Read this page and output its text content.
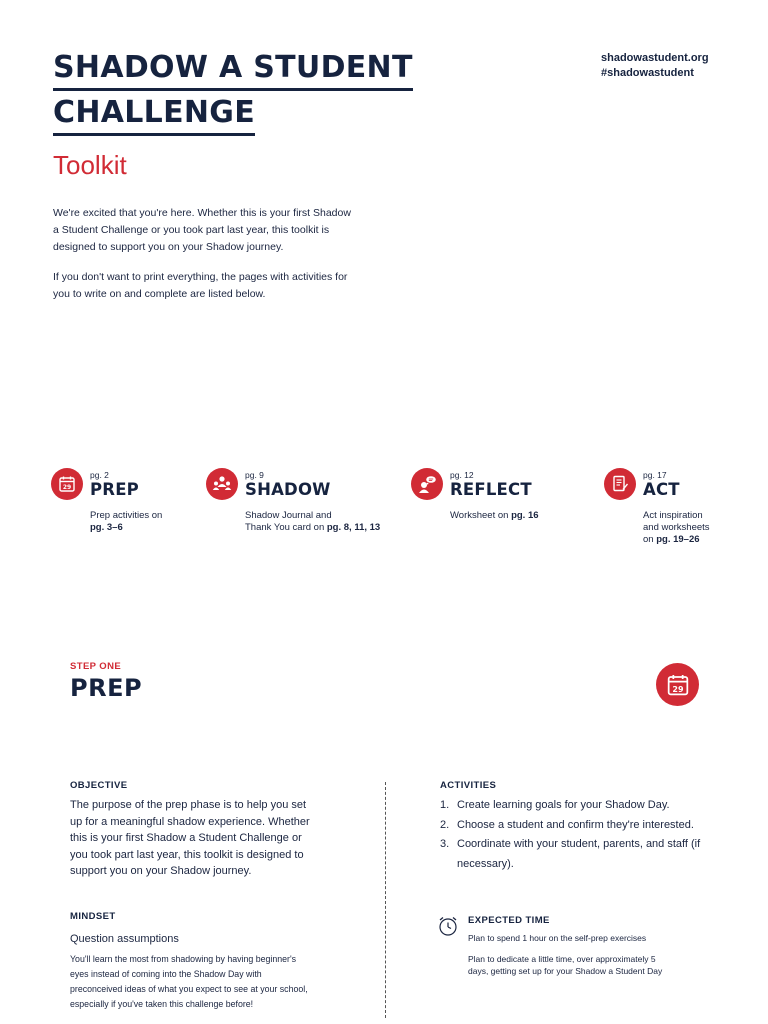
SHADOW A STUDENT
CHALLENGE
Toolkit
shadowastudent.org
#shadowastudent

We're excited that you're here. Whether this is your first Shadow a Student Challenge or you took part last year, this toolkit is designed to support you on your Shadow journey.

If you don't want to print everything, the pages with activities for you to write on and complete are listed below.

29
pg. 2
PREP
Prep activities on
pg. 3–6
pg. 9
SHADOW
Shadow Journal and
Thank You card on pg. 8, 11, 13
pg. 12
REFLECT
Worksheet on pg. 16
pg. 17
ACT
Act inspiration
and worksheets
on pg. 19–26
STEP ONE
PREP	29
OBJECTIVE

The purpose of the prep phase is to help you set up for a meaningful shadow experience. Whether this is your first Shadow a Student Challenge or you took part last year, this toolkit is designed to support you on your Shadow journey.

MINDSET
Question assumptions

You'll learn the most from shadowing by having beginner's eyes instead of coming into the Shadow Day with preconceived ideas of what you expect to see at your school, especially if you've taken this challenge before!

ACTIVITIES
1. Create learning goals for your Shadow Day.
2. Choose a student and confirm they're interested.
3. Coordinate with your student, parents, and staff (if necessary).
EXPECTED TIME

Plan to spend 1 hour on the self-prep exercises

Plan to dedicate a little time, over approximately 5 days, getting set up for your Shadow a Student Day
